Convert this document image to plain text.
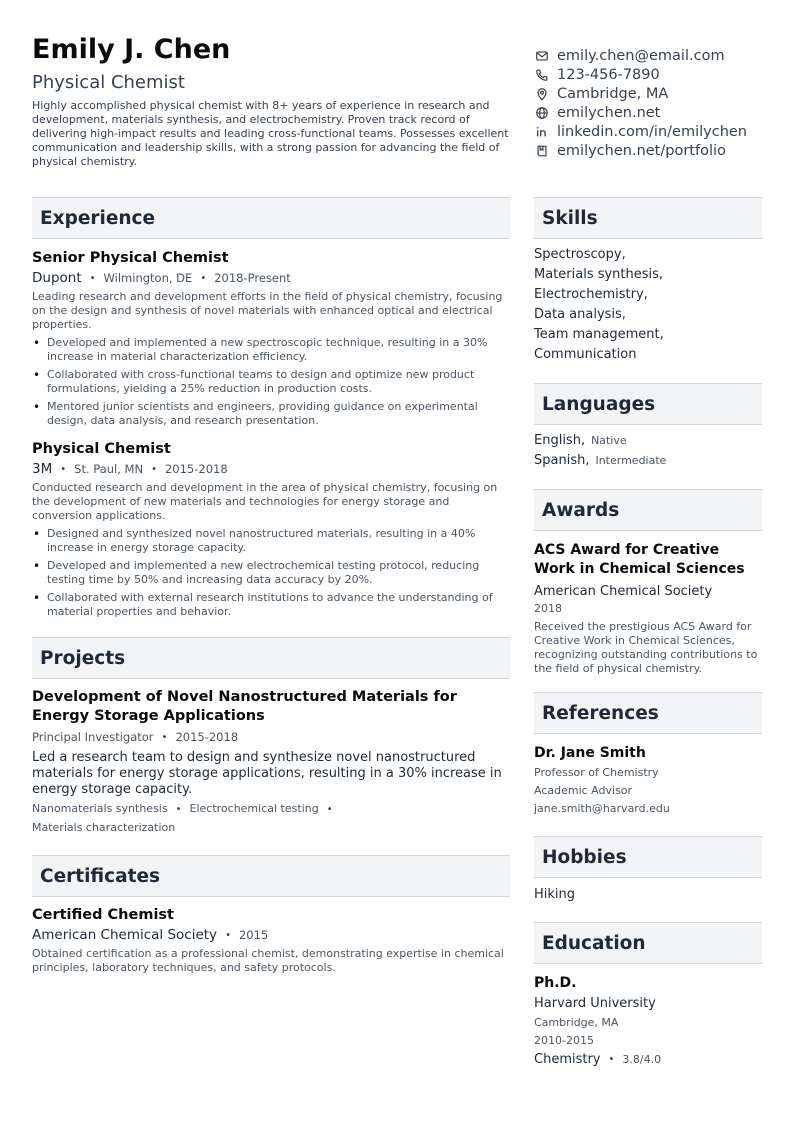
Emily J. Chen
Physical Chemist
Highly accomplished physical chemist with 8+ years of experience in research and development, materials synthesis, and electrochemistry. Proven track record of delivering high-impact results and leading cross-functional teams. Possesses excellent communication and leadership skills, with a strong passion for advancing the field of physical chemistry.
emily.chen@email.com
123-456-7890
Cambridge, MA
emilychen.net
linkedin.com/in/emilychen
emilychen.net/portfolio
Experience
Senior Physical Chemist
Dupont • Wilmington, DE • 2018-Present
Leading research and development efforts in the field of physical chemistry, focusing on the design and synthesis of novel materials with enhanced optical and electrical properties.
• Developed and implemented a new spectroscopic technique, resulting in a 30% increase in material characterization efficiency.
• Collaborated with cross-functional teams to design and optimize new product formulations, yielding a 25% reduction in production costs.
• Mentored junior scientists and engineers, providing guidance on experimental design, data analysis, and research presentation.
Physical Chemist
3M • St. Paul, MN • 2015-2018
Conducted research and development in the area of physical chemistry, focusing on the development of new materials and technologies for energy storage and conversion applications.
• Designed and synthesized novel nanostructured materials, resulting in a 40% increase in energy storage capacity.
• Developed and implemented a new electrochemical testing protocol, reducing testing time by 50% and increasing data accuracy by 20%.
• Collaborated with external research institutions to advance the understanding of material properties and behavior.
Projects
Development of Novel Nanostructured Materials for Energy Storage Applications
Principal Investigator • 2015-2018
Led a research team to design and synthesize novel nanostructured materials for energy storage applications, resulting in a 30% increase in energy storage capacity.
Nanomaterials synthesis • Electrochemical testing •
Materials characterization
Certificates
Certified Chemist
American Chemical Society • 2015
Obtained certification as a professional chemist, demonstrating expertise in chemical principles, laboratory techniques, and safety protocols.
Skills
Spectroscopy,
Materials synthesis,
Electrochemistry,
Data analysis,
Team management,
Communication
Languages
English, Native
Spanish, Intermediate
Awards
ACS Award for Creative Work in Chemical Sciences
American Chemical Society
2018
Received the prestigious ACS Award for Creative Work in Chemical Sciences, recognizing outstanding contributions to the field of physical chemistry.
References
Dr. Jane Smith
Professor of Chemistry
Academic Advisor
jane.smith@harvard.edu
Hobbies
Hiking
Education
Ph.D.
Harvard University
Cambridge, MA
2010-2015
Chemistry • 3.8/4.0
